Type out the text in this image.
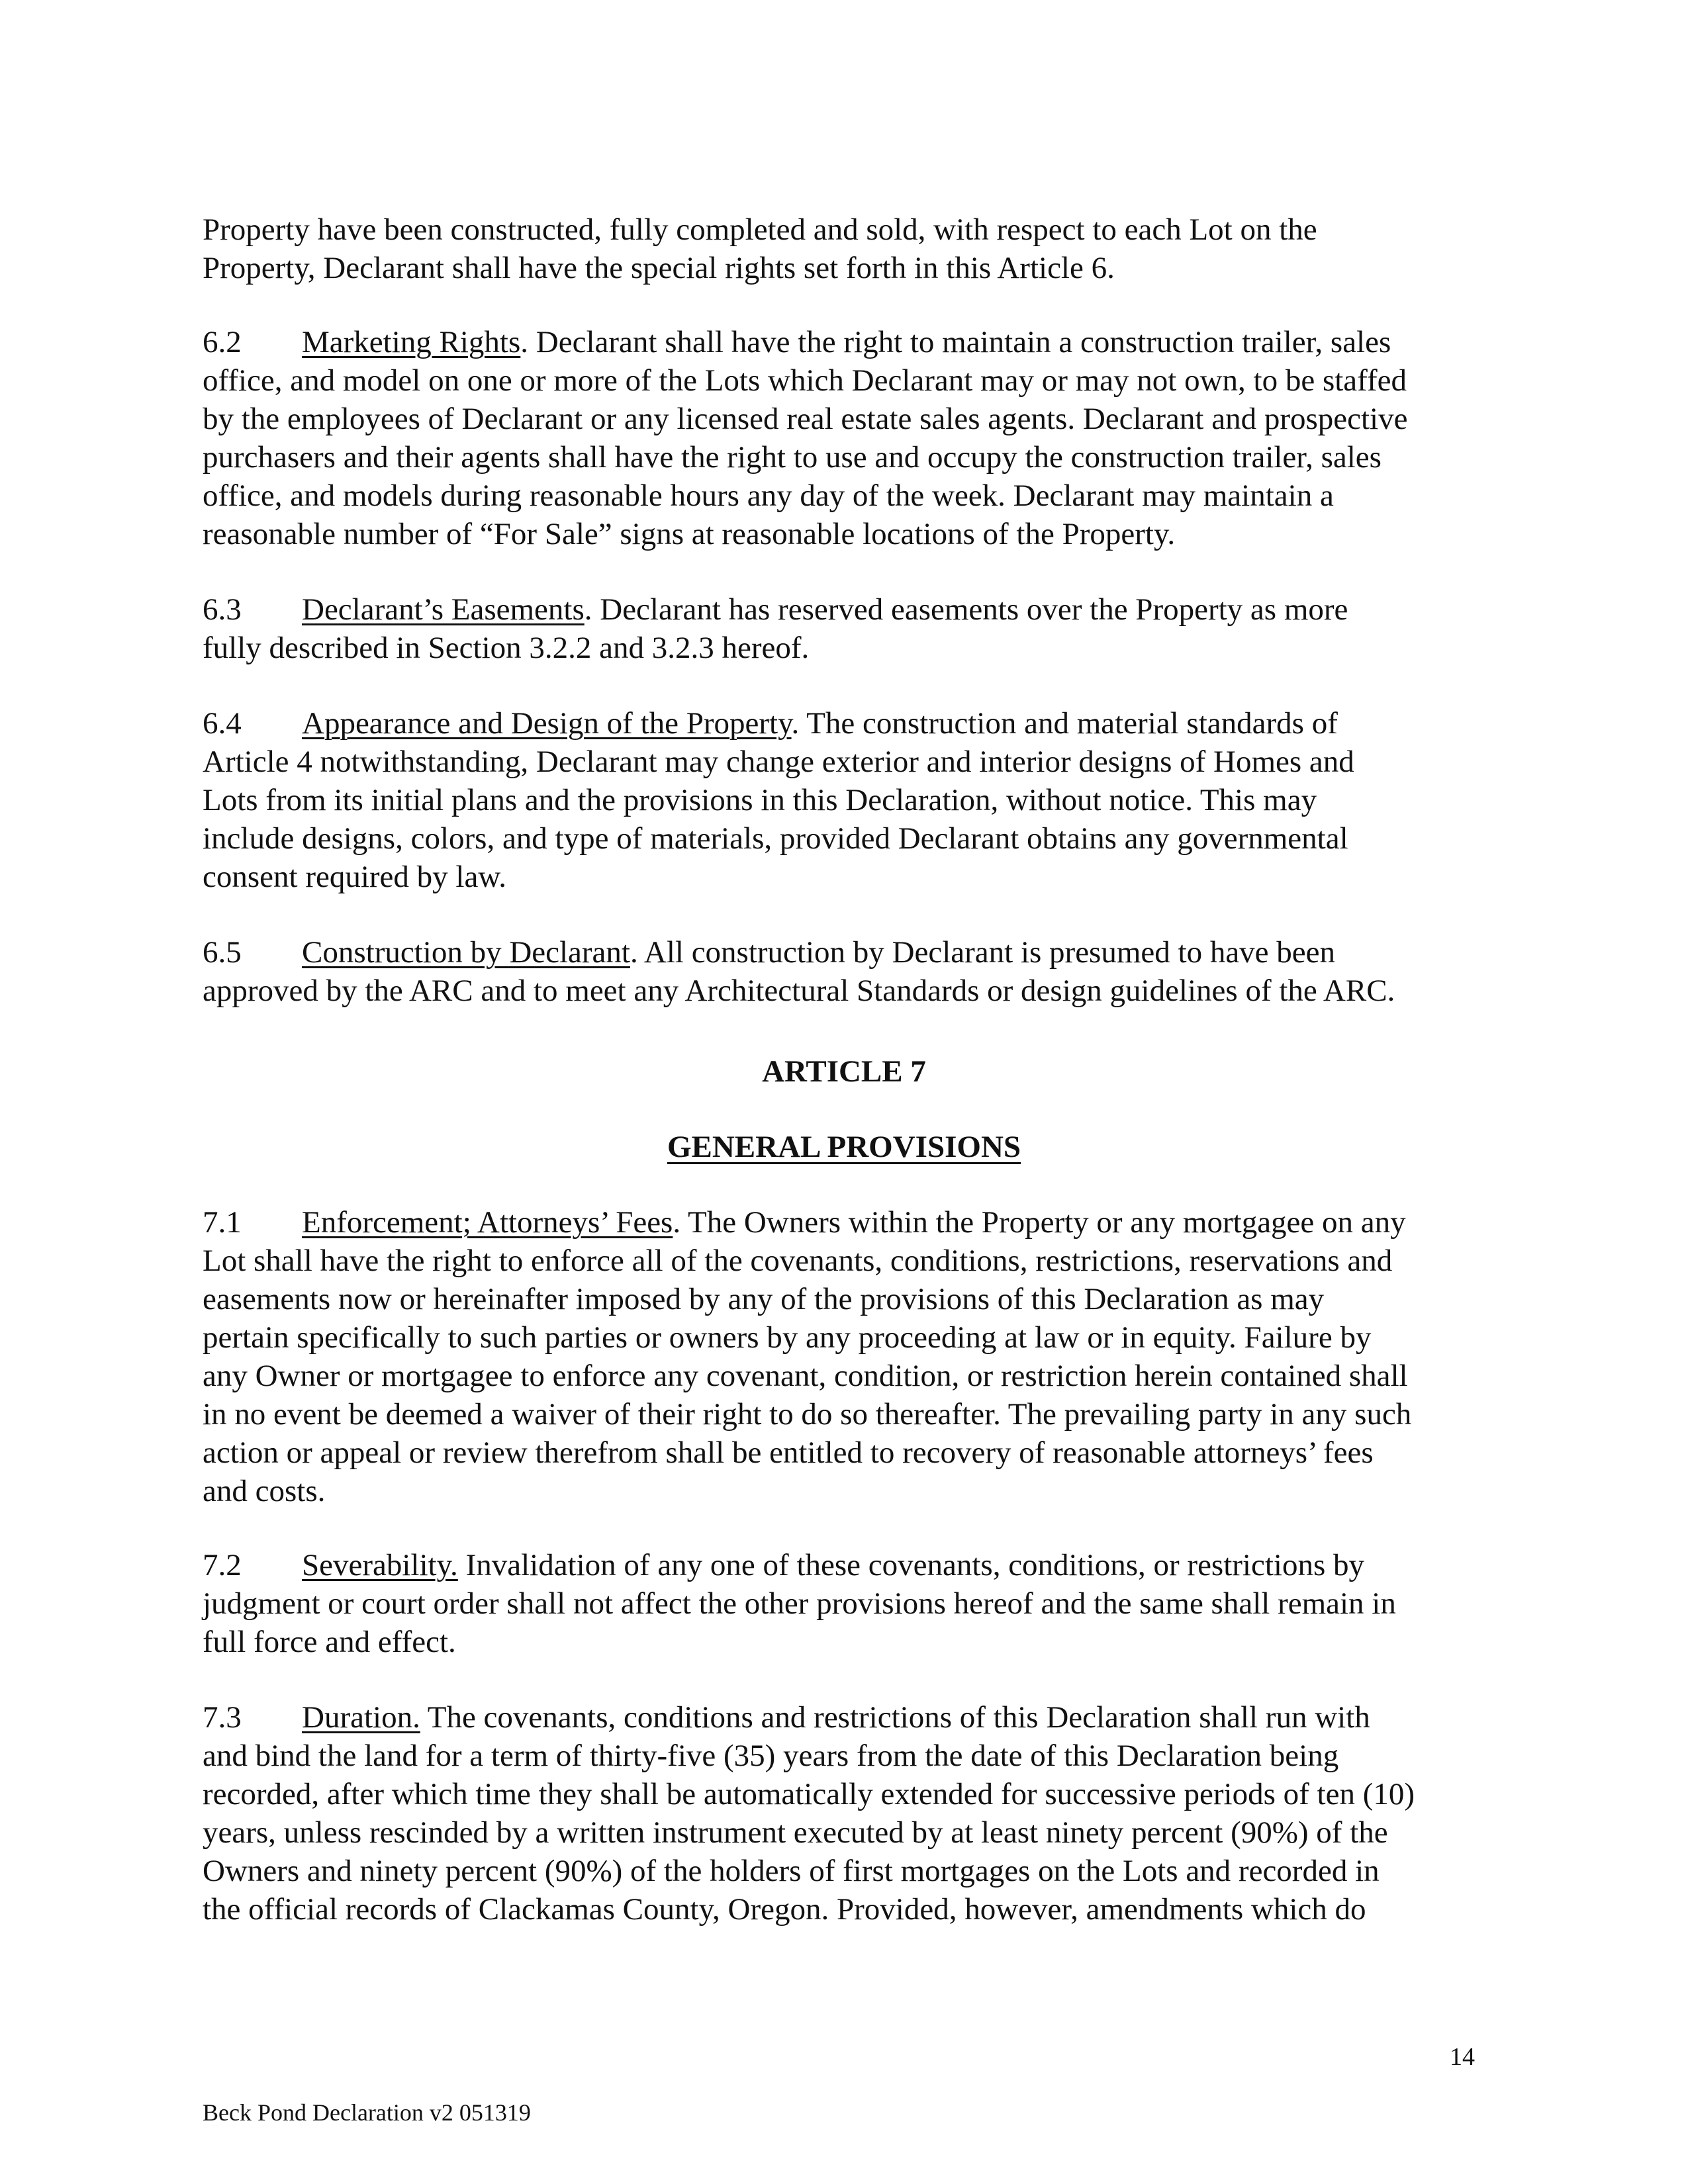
Property have been constructed, fully completed and sold, with respect to each Lot on the
Property, Declarant shall have the special rights set forth in this Article 6.

6.2 Marketing Rights. Declarant shall have the right to maintain a construction trailer, sales
office, and model on one or more of the Lots which Declarant may or may not own, to be staffed
by the employees of Declarant or any licensed real estate sales agents. Declarant and prospective
purchasers and their agents shall have the right to use and occupy the construction trailer, sales
office, and models during reasonable hours any day of the week. Declarant may maintain a
reasonable number of “For Sale” signs at reasonable locations of the Property.

6.3 Declarant’s Easements. Declarant has reserved easements over the Property as more
fully described in Section 3.2.2 and 3.2.3 hereof.

6.4 Appearance and Design of the Property. The construction and material standards of
Article 4 notwithstanding, Declarant may change exterior and interior designs of Homes and
Lots from its initial plans and the provisions in this Declaration, without notice. This may
include designs, colors, and type of materials, provided Declarant obtains any governmental
consent required by law.

6.5 Construction by Declarant. All construction by Declarant is presumed to have been
approved by the ARC and to meet any Architectural Standards or design guidelines of the ARC.

ARTICLE 7

GENERAL PROVISIONS

7.1 Enforcement; Attorneys’ Fees. The Owners within the Property or any mortgagee on any
Lot shall have the right to enforce all of the covenants, conditions, restrictions, reservations and
easements now or hereinafter imposed by any of the provisions of this Declaration as may
pertain specifically to such parties or owners by any proceeding at law or in equity. Failure by
any Owner or mortgagee to enforce any covenant, condition, or restriction herein contained shall
in no event be deemed a waiver of their right to do so thereafter. The prevailing party in any such
action or appeal or review therefrom shall be entitled to recovery of reasonable attorneys’ fees
and costs.

7.2 Severability. Invalidation of any one of these covenants, conditions, or restrictions by
judgment or court order shall not affect the other provisions hereof and the same shall remain in
full force and effect.

7.3 Duration. The covenants, conditions and restrictions of this Declaration shall run with
and bind the land for a term of thirty-five (35) years from the date of this Declaration being
recorded, after which time they shall be automatically extended for successive periods of ten (10)
years, unless rescinded by a written instrument executed by at least ninety percent (90%) of the
Owners and ninety percent (90%) of the holders of first mortgages on the Lots and recorded in
the official records of Clackamas County, Oregon. Provided, however, amendments which do

14
Beck Pond Declaration v2 051319
